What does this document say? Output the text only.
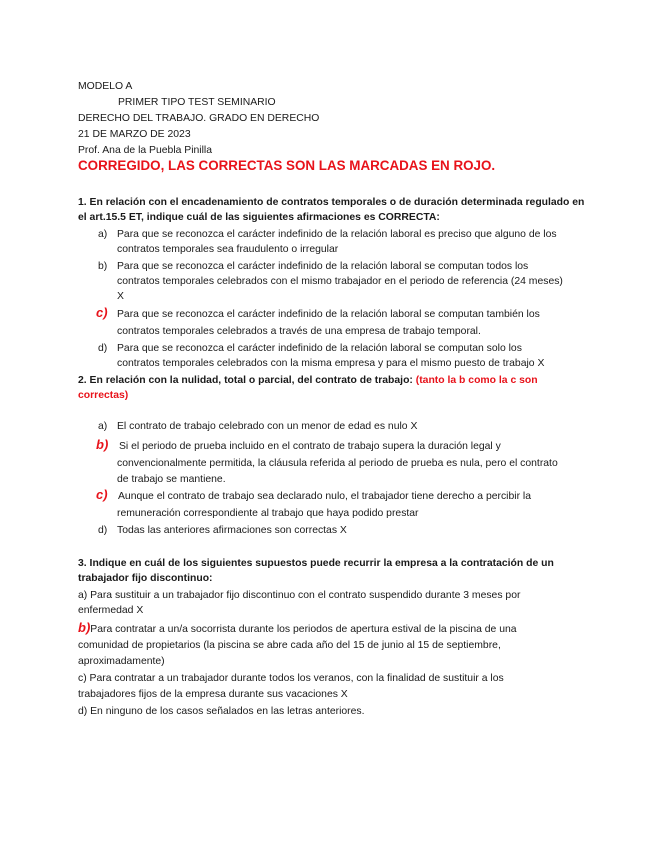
MODELO A
PRIMER TIPO TEST SEMINARIO
DERECHO DEL TRABAJO. GRADO EN DERECHO
21 DE MARZO DE 2023
Prof. Ana de la Puebla Pinilla
CORREGIDO, LAS CORRECTAS SON LAS MARCADAS EN ROJO.
1. En relación con el encadenamiento de contratos temporales o de duración determinada regulado en
el art.15.5 ET, indique cuál de las siguientes afirmaciones es CORRECTA:
a) Para que se reconozca el carácter indefinido de la relación laboral es preciso que alguno de los
contratos temporales sea fraudulento o irregular
b) Para que se reconozca el carácter indefinido de la relación laboral se computan todos los
contratos temporales celebrados con el mismo trabajador en el periodo de referencia (24 meses)
X
c) Para que se reconozca el carácter indefinido de la relación laboral se computan también los
contratos temporales celebrados a través de una empresa de trabajo temporal.
d) Para que se reconozca el carácter indefinido de la relación laboral se computan solo los
contratos temporales celebrados con la misma empresa y para el mismo puesto de trabajo X
2. En relación con la nulidad, total o parcial, del contrato de trabajo: (tanto la b como la c son
correctas)
a) El contrato de trabajo celebrado con un menor de edad es nulo X
b) Si el periodo de prueba incluido en el contrato de trabajo supera la duración legal y
convencionalmente permitida, la cláusula referida al periodo de prueba es nula, pero el contrato
de trabajo se mantiene.
c) Aunque el contrato de trabajo sea declarado nulo, el trabajador tiene derecho a percibir la
remuneración correspondiente al trabajo que haya podido prestar
d) Todas las anteriores afirmaciones son correctas X
3. Indique en cuál de los siguientes supuestos puede recurrir la empresa a la contratación de un
trabajador fijo discontinuo:
a) Para sustituir a un trabajador fijo discontinuo con el contrato suspendido durante 3 meses por
enfermedad X
b)Para contratar a un/a socorrista durante los periodos de apertura estival de la piscina de una
comunidad de propietarios (la piscina se abre cada año del 15 de junio al 15 de septiembre,
aproximadamente)
c) Para contratar a un trabajador durante todos los veranos, con la finalidad de sustituir a los
trabajadores fijos de la empresa durante sus vacaciones X
d) En ninguno de los casos señalados en las letras anteriores.
